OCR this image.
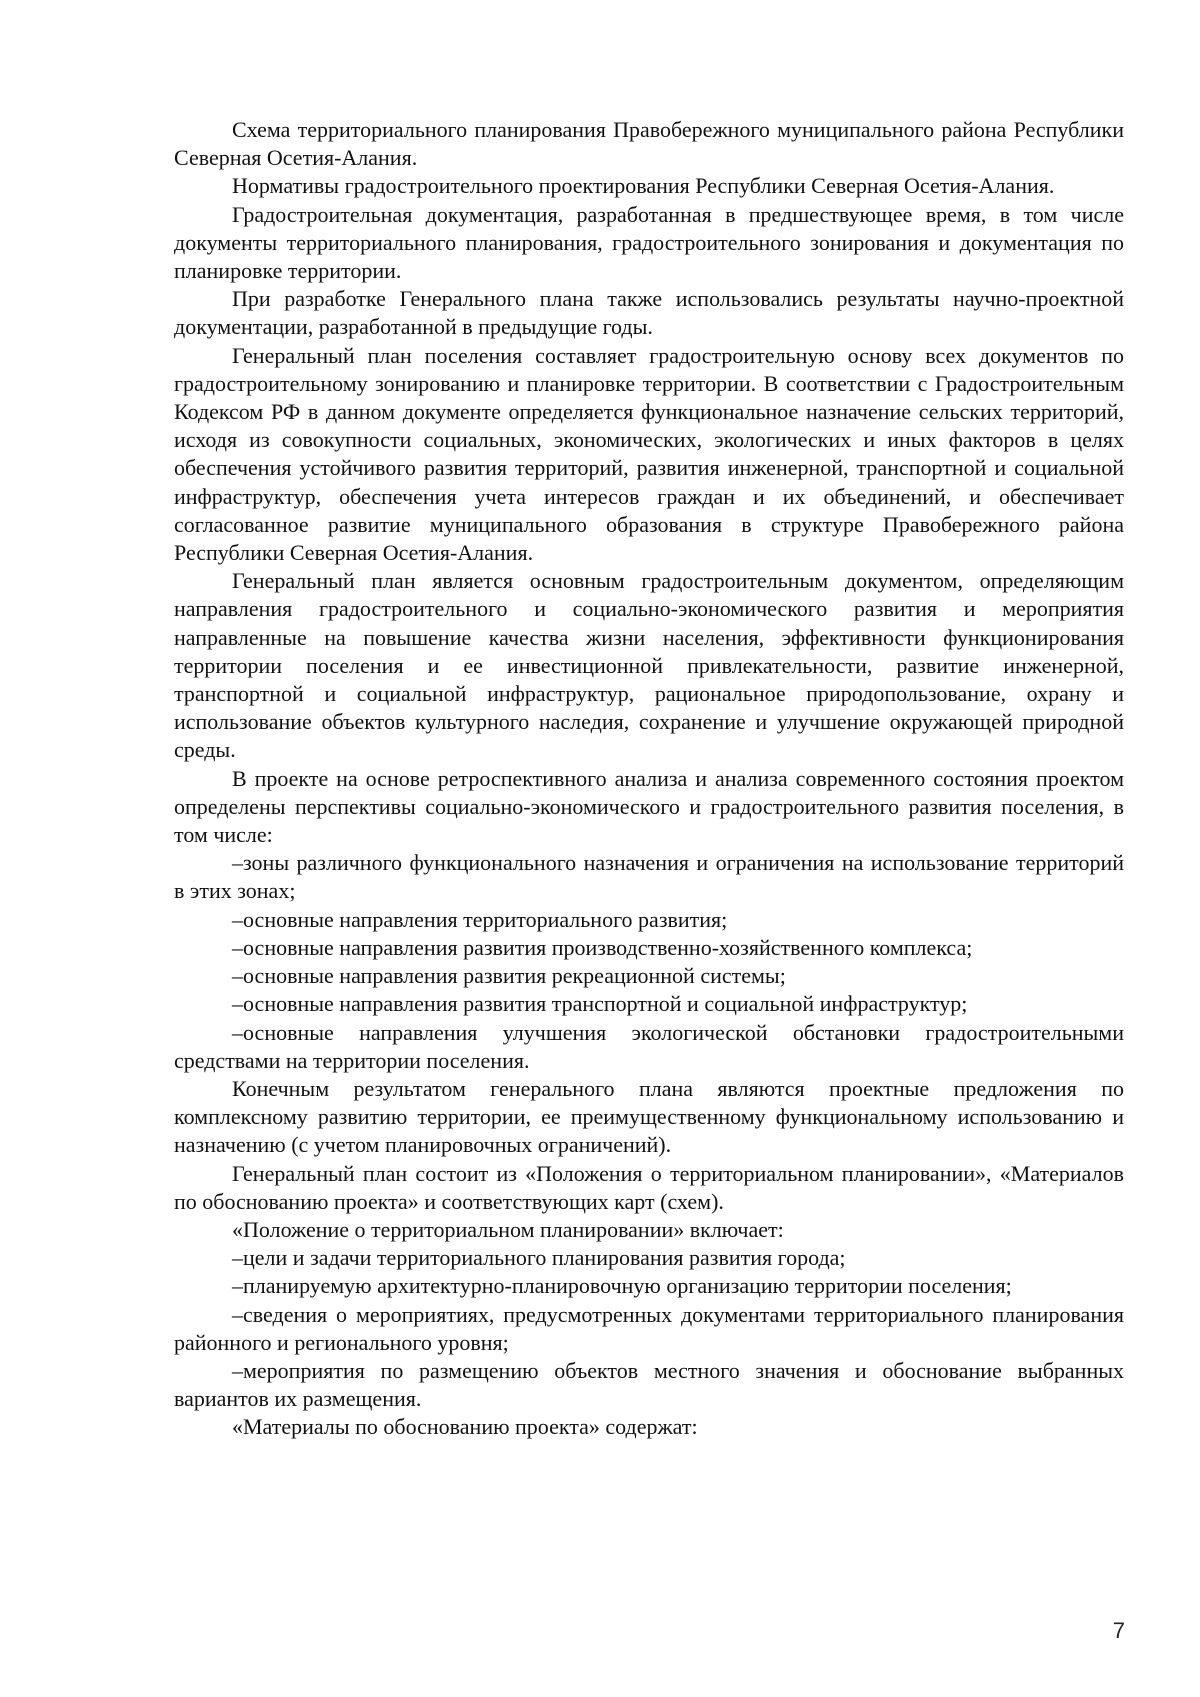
Схема территориального планирования Правобережного муниципального района Республики Северная Осетия-Алания.

Нормативы градостроительного проектирования Республики Северная Осетия-Алания.

Градостроительная документация, разработанная в предшествующее время, в том числе документы территориального планирования, градостроительного зонирования и документация по планировке территории.

При разработке Генерального плана также использовались результаты научно-проектной документации, разработанной в предыдущие годы.

Генеральный план поселения составляет градостроительную основу всех документов по градостроительному зонированию и планировке территории. В соответствии с Градостроительным Кодексом РФ в данном документе определяется функциональное назначение сельских территорий, исходя из совокупности социальных, экономических, экологических и иных факторов в целях обеспечения устойчивого развития территорий, развития инженерной, транспортной и социальной инфраструктур, обеспечения учета интересов граждан и их объединений, и обеспечивает согласованное развитие муниципального образования в структуре Правобережного района Республики Северная Осетия-Алания.

Генеральный план является основным градостроительным документом, определяющим направления градостроительного и социально-экономического развития и мероприятия направленные на повышение качества жизни населения, эффективности функционирования территории поселения и ее инвестиционной привлекательности, развитие инженерной, транспортной и социальной инфраструктур, рациональное природопользование, охрану и использование объектов культурного наследия, сохранение и улучшение окружающей природной среды.

В проекте на основе ретроспективного анализа и анализа современного состояния проектом определены перспективы социально-экономического и градостроительного развития поселения, в том числе:

–зоны различного функционального назначения и ограничения на использование территорий в этих зонах;

–основные направления территориального развития;

–основные направления развития производственно-хозяйственного комплекса;

–основные направления развития рекреационной системы;

–основные направления развития транспортной и социальной инфраструктур;

–основные направления улучшения экологической обстановки градостроительными средствами на территории поселения.

Конечным результатом генерального плана являются проектные предложения по комплексному развитию территории, ее преимущественному функциональному использованию и назначению (с учетом планировочных ограничений).

Генеральный план состоит из «Положения о территориальном планировании», «Материалов по обоснованию проекта» и соответствующих карт (схем).

«Положение о территориальном планировании» включает:

–цели и задачи территориального планирования развития города;

–планируемую архитектурно-планировочную организацию территории поселения;

–сведения о мероприятиях, предусмотренных документами территориального планирования районного и регионального уровня;

–мероприятия по размещению объектов местного значения и обоснование выбранных вариантов их размещения.

«Материалы по обоснованию проекта» содержат:

7
